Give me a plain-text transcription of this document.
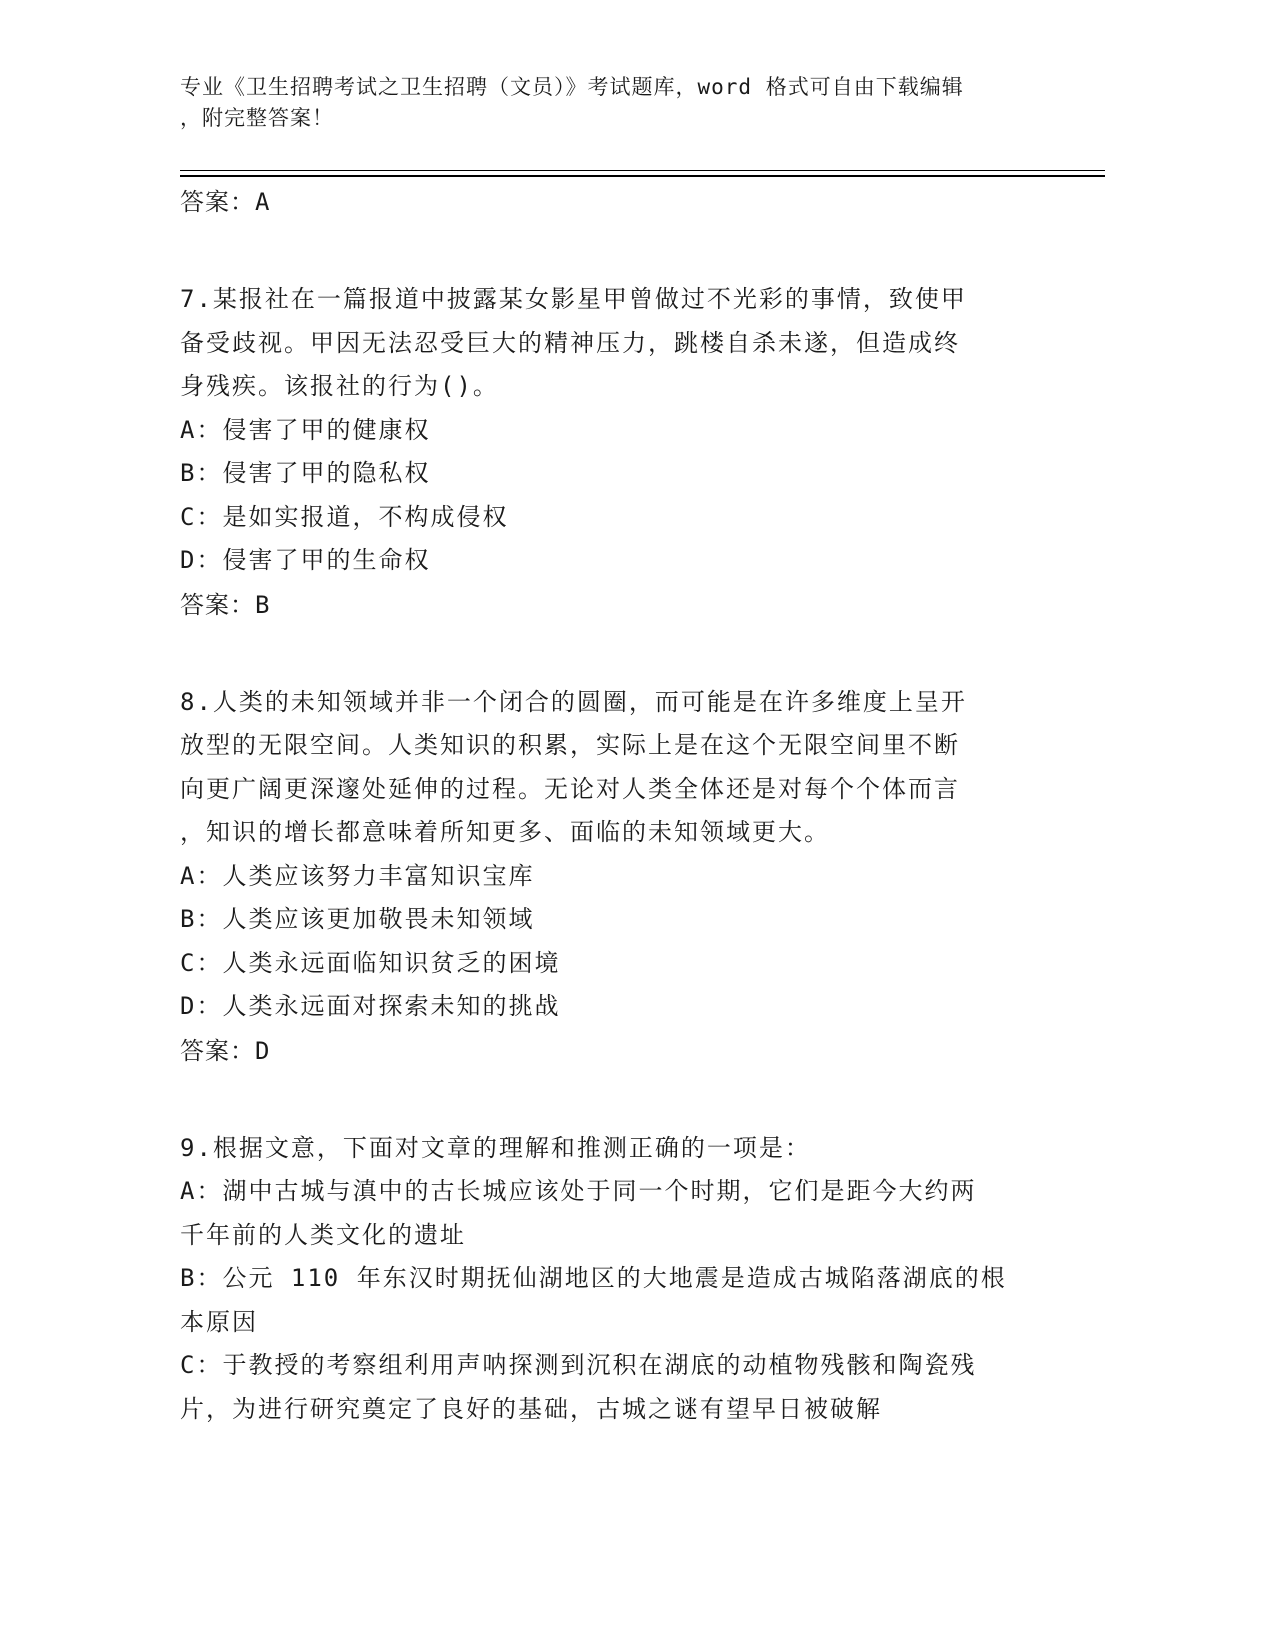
专业《卫生招聘考试之卫生招聘（文员）》考试题库，word 格式可自由下载编辑
，附完整答案！
答案：A
7.某报社在一篇报道中披露某女影星甲曾做过不光彩的事情，致使甲
备受歧视。甲因无法忍受巨大的精神压力，跳楼自杀未遂，但造成终
身残疾。该报社的行为()。
A：侵害了甲的健康权
B：侵害了甲的隐私权
C：是如实报道，不构成侵权
D：侵害了甲的生命权
答案：B
8.人类的未知领域并非一个闭合的圆圈，而可能是在许多维度上呈开
放型的无限空间。人类知识的积累，实际上是在这个无限空间里不断
向更广阔更深邃处延伸的过程。无论对人类全体还是对每个个体而言
，知识的增长都意味着所知更多、面临的未知领域更大。
A：人类应该努力丰富知识宝库
B：人类应该更加敬畏未知领域
C：人类永远面临知识贫乏的困境
D：人类永远面对探索未知的挑战
答案：D
9.根据文意，下面对文章的理解和推测正确的一项是：
A：湖中古城与滇中的古长城应该处于同一个时期，它们是距今大约两
千年前的人类文化的遗址
B：公元 110 年东汉时期抚仙湖地区的大地震是造成古城陷落湖底的根
本原因
C：于教授的考察组利用声呐探测到沉积在湖底的动植物残骸和陶瓷残
片，为进行研究奠定了良好的基础，古城之谜有望早日被破解
